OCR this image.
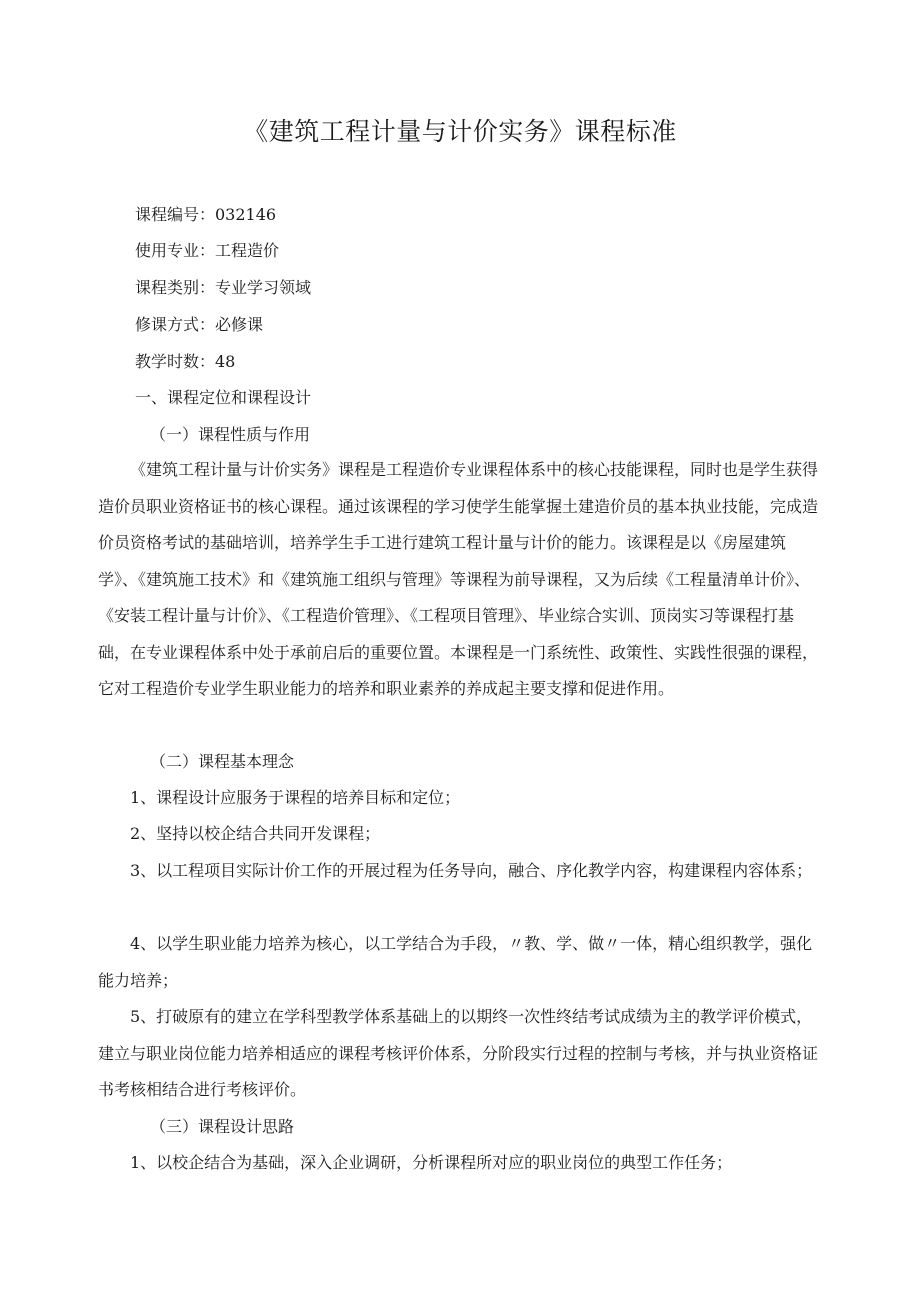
《建筑工程计量与计价实务》课程标准
课程编号：032146
使用专业：工程造价
课程类别：专业学习领域
修课方式：必修课
教学时数：48
一、课程定位和课程设计
（一）课程性质与作用

《建筑工程计量与计价实务》课程是工程造价专业课程体系中的核心技能课程，同时也是学生获得造价员职业资格证书的核心课程。通过该课程的学习使学生能掌握土建造价员的基本执业技能，完成造价员资格考试的基础培训，培养学生手工进行建筑工程计量与计价的能力。该课程是以《房屋建筑学》、《建筑施工技术》和《建筑施工组织与管理》等课程为前导课程，又为后续《工程量清单计价》、《安装工程计量与计价》、《工程造价管理》、《工程项目管理》、毕业综合实训、顶岗实习等课程打基础，在专业课程体系中处于承前启后的重要位置。本课程是一门系统性、政策性、实践性很强的课程，它对工程造价专业学生职业能力的培养和职业素养的养成起主要支撑和促进作用。

（二）课程基本理念

1、课程设计应服务于课程的培养目标和定位；

2、坚持以校企结合共同开发课程；

3、以工程项目实际计价工作的开展过程为任务导向，融合、序化教学内容，构建课程内容体系；

4、以学生职业能力培养为核心，以工学结合为手段，〃教、学、做〃一体，精心组织教学，强化能力培养；

5、打破原有的建立在学科型教学体系基础上的以期终一次性终结考试成绩为主的教学评价模式，建立与职业岗位能力培养相适应的课程考核评价体系，分阶段实行过程的控制与考核，并与执业资格证书考核相结合进行考核评价。

（三）课程设计思路

1、以校企结合为基础，深入企业调研，分析课程所对应的职业岗位的典型工作任务；
